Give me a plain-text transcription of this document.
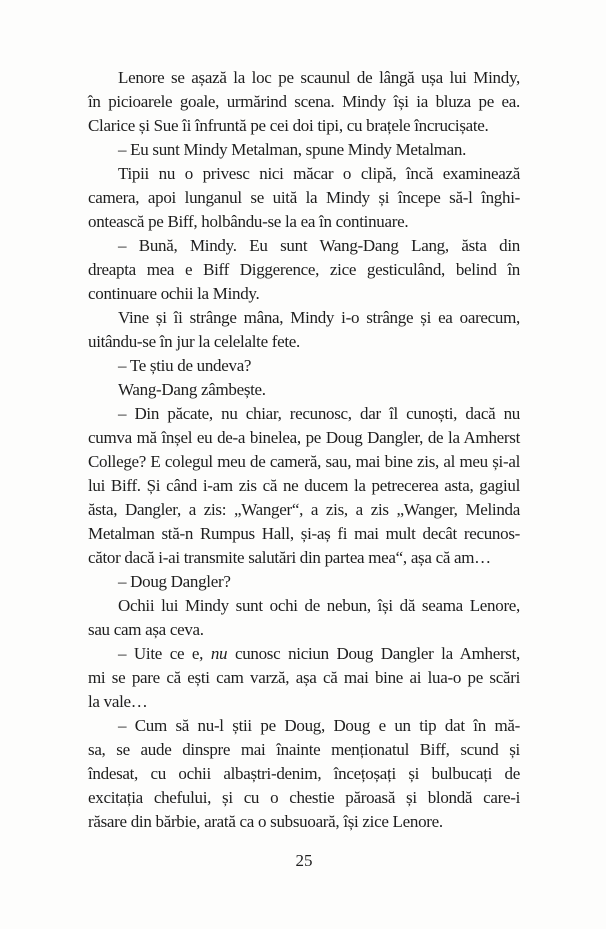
Lenore se așază la loc pe scaunul de lângă ușa lui Mindy,
în picioarele goale, urmărind scena. Mindy își ia bluza pe ea.
Clarice și Sue îi înfruntă pe cei doi tipi, cu brațele încrucișate.
– Eu sunt Mindy Metalman, spune Mindy Metalman.
Tipii nu o privesc nici măcar o clipă, încă examinează
camera, apoi lunganul se uită la Mindy și începe să-l înghi-
ontească pe Biff, holbându-se la ea în continuare.
– Bună, Mindy. Eu sunt Wang-Dang Lang, ăsta din
dreapta mea e Biff Diggerence, zice gesticulând, belind în
continuare ochii la Mindy.
Vine și îi strânge mâna, Mindy i-o strânge și ea oarecum,
uitându-se în jur la celelalte fete.
– Te știu de undeva?
Wang-Dang zâmbește.
– Din păcate, nu chiar, recunosc, dar îl cunoști, dacă nu
cumva mă înșel eu de-a binelea, pe Doug Dangler, de la Amherst
College? E colegul meu de cameră, sau, mai bine zis, al meu și-al
lui Biff. Și când i-am zis că ne ducem la petrecerea asta, gagiul
ăsta, Dangler, a zis: „Wanger“, a zis, a zis „Wanger, Melinda
Metalman stă-n Rumpus Hall, și-aș fi mai mult decât recunos-
cător dacă i-ai transmite salutări din partea mea“, așa că am…
– Doug Dangler?
Ochii lui Mindy sunt ochi de nebun, își dă seama Lenore,
sau cam așa ceva.
– Uite ce e, nu cunosc niciun Doug Dangler la Amherst,
mi se pare că ești cam varză, așa că mai bine ai lua-o pe scări
la vale…
– Cum să nu-l știi pe Doug, Doug e un tip dat în mă-
sa, se aude dinspre mai înainte menționatul Biff, scund și
îndesat, cu ochii albaștri-denim, încețoșați și bulbucați de
excitația chefului, și cu o chestie păroasă și blondă care-i
răsare din bărbie, arată ca o subsuoară, își zice Lenore.
25
